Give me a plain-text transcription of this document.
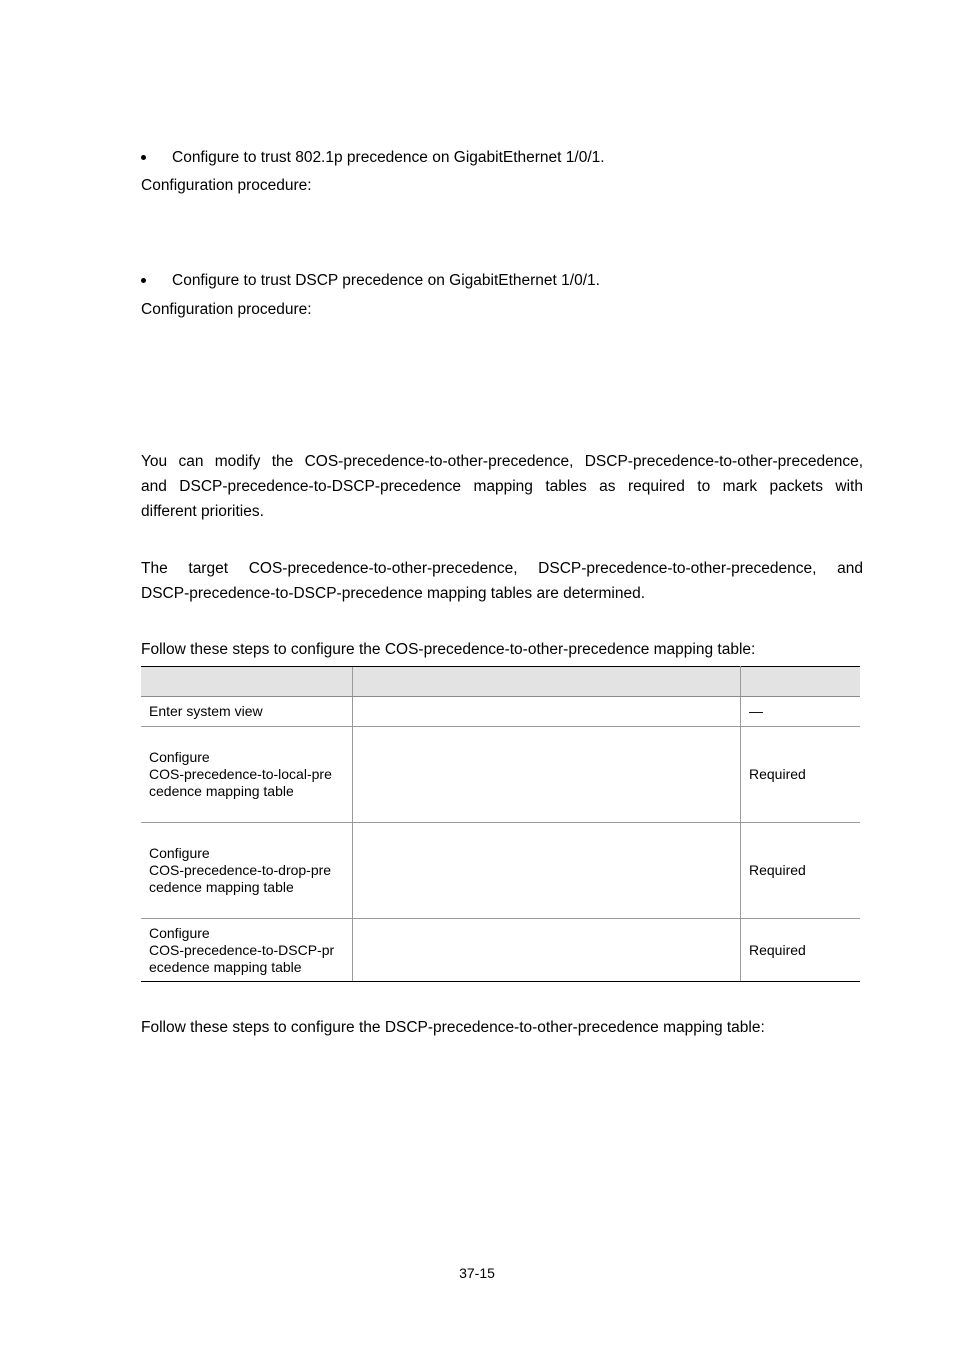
Configure to trust 802.1p precedence on GigabitEthernet 1/0/1.
Configuration procedure:
Configure to trust DSCP precedence on GigabitEthernet 1/0/1.
Configuration procedure:
You can modify the COS-precedence-to-other-precedence, DSCP-precedence-to-other-precedence,
and DSCP-precedence-to-DSCP-precedence mapping tables as required to mark packets with
different priorities.
The target COS-precedence-to-other-precedence, DSCP-precedence-to-other-precedence, and
DSCP-precedence-to-DSCP-precedence mapping tables are determined.
Follow these steps to configure the COS-precedence-to-other-precedence mapping table:

Enter system view		—
Configure
COS-precedence-to-local-pre
cedence mapping table		Required
Configure
COS-precedence-to-drop-pre
cedence mapping table		Required
Configure
COS-precedence-to-DSCP-pr
ecedence mapping table		Required
Follow these steps to configure the DSCP-precedence-to-other-precedence mapping table:
37-15
